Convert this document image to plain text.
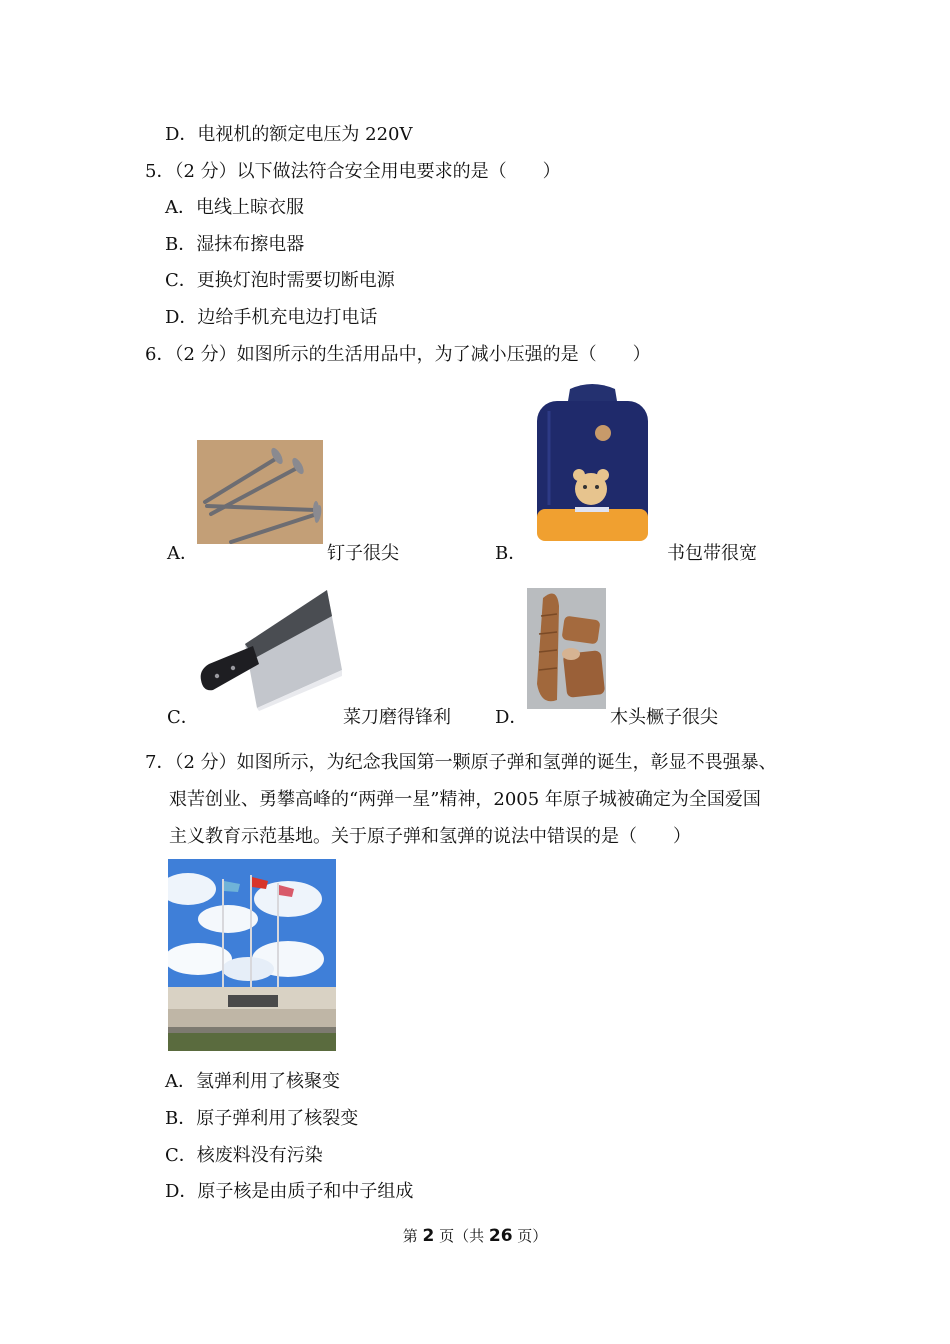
D．电视机的额定电压为 220V
5．（2 分）以下做法符合安全用电要求的是（　　）
A．电线上晾衣服
B．湿抹布擦电器
C．更换灯泡时需要切断电源
D．边给手机充电边打电话
6．（2 分）如图所示的生活用品中，为了减小压强的是（　　）
A．	钉子很尖	B．	书包带很宽
C．	菜刀磨得锋利 D．	木头橛子很尖
7．（2 分）如图所示，为纪念我国第一颗原子弹和氢弹的诞生，彰显不畏强暴、
艰苦创业、勇攀高峰的“两弹一星”精神，2005 年原子城被确定为全国爱国
主义教育示范基地。关于原子弹和氢弹的说法中错误的是（　　）
A．氢弹利用了核聚变
B．原子弹利用了核裂变
C．核废料没有污染
D．原子核是由质子和中子组成
第 2 页（共 26 页）
